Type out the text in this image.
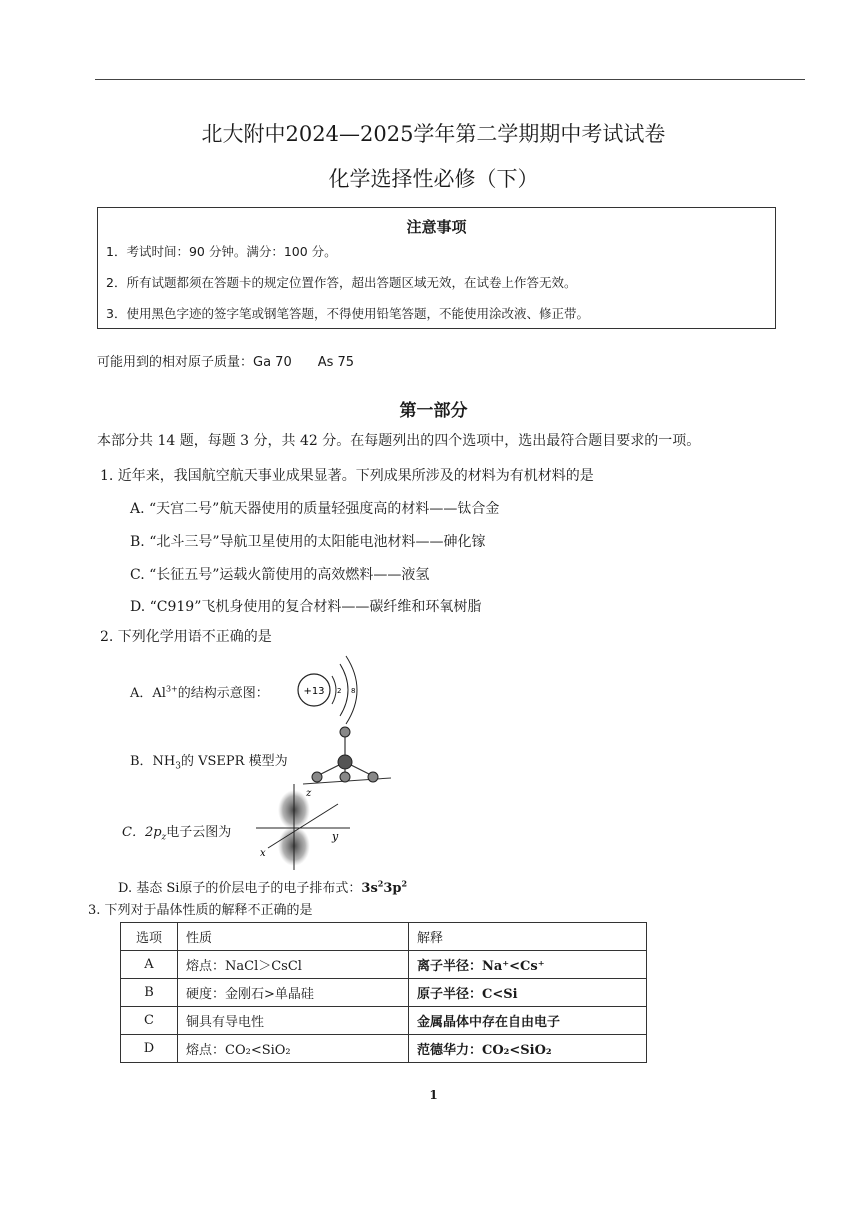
北大附中2024—2025学年第二学期期中考试试卷
化学选择性必修（下）
注意事项
1．考试时间：90 分钟。满分：100 分。
2．所有试题都须在答题卡的规定位置作答，超出答题区域无效，在试卷上作答无效。
3．使用黑色字迹的签字笔或钢笔答题，不得使用铅笔答题，不能使用涂改液、修正带。
可能用到的相对原子质量：Ga 70　　As 75
第一部分
本部分共 14 题，每题 3 分，共 42 分。在每题列出的四个选项中，选出最符合题目要求的一项。
1. 近年来，我国航空航天事业成果显著。下列成果所涉及的材料为有机材料的是
A. “天宫二号”航天器使用的质量轻强度高的材料——钛合金
B. “北斗三号”导航卫星使用的太阳能电池材料——砷化镓
C. “长征五号”运载火箭使用的高效燃料——液氢
D. “C919”飞机身使用的复合材料——碳纤维和环氧树脂
2. 下列化学用语不正确的是
A．$Al^{3+}$的结构示意图：	+13 2 8
B．$NH_3$的 VSEPR 模型为
C．$2p_z$电子云图为
z
y
x
D. 基态 Si原子的价层电子的电子排布式：$3s^23p^2$
3. 下列对于晶体性质的解释不正确的是
选项	性质	解释
A	熔点：NaCl＞CsCl	离子半径：Na⁺<Cs⁺
B	硬度：金刚石>单晶硅	原子半径：C<Si
C	铜具有导电性	金属晶体中存在自由电子
D	熔点：CO₂<SiO₂	范德华力：CO₂<SiO₂
1
